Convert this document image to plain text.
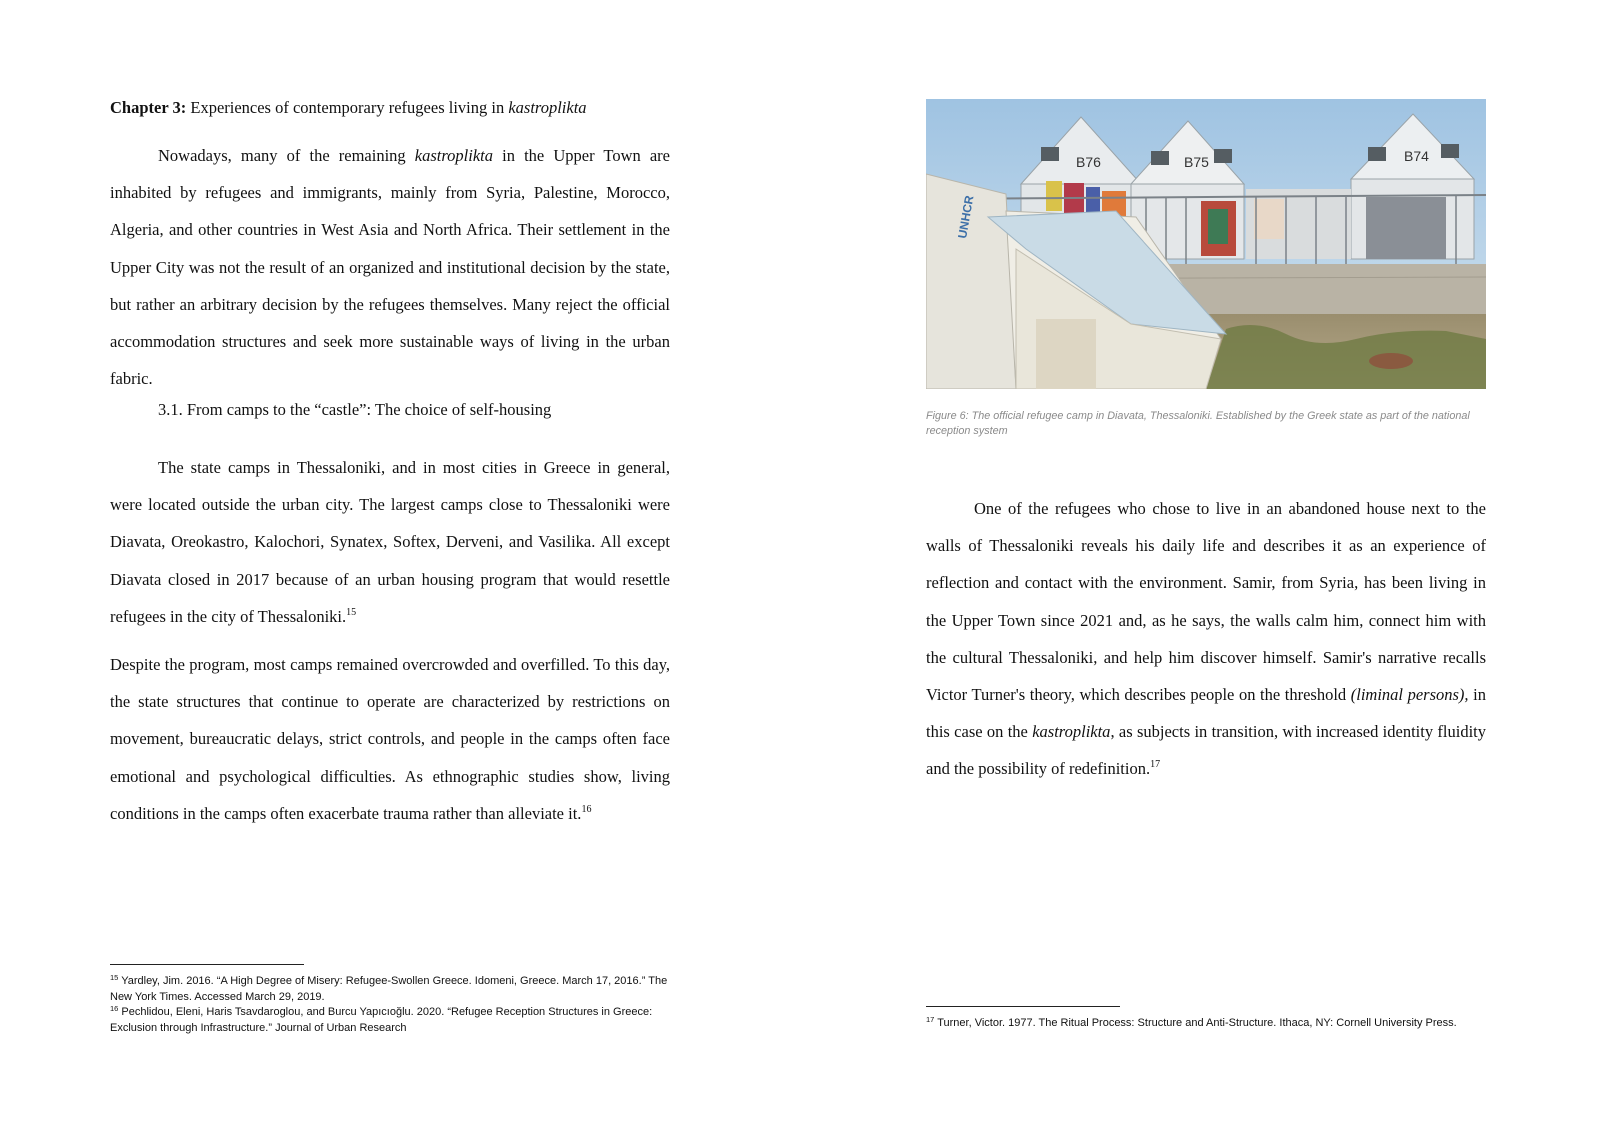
Chapter 3: Experiences of contemporary refugees living in kastroplikta

Nowadays, many of the remaining kastroplikta in the Upper Town are inhabited by refugees and immigrants, mainly from Syria, Palestine, Morocco, Algeria, and other countries in West Asia and North Africa. Their settlement in the Upper City was not the result of an organized and institutional decision by the state, but rather an arbitrary decision by the refugees themselves. Many reject the official accommodation structures and seek more sustainable ways of living in the urban fabric.

3.1. From camps to the “castle”: The choice of self-housing

The state camps in Thessaloniki, and in most cities in Greece in general, were located outside the urban city. The largest camps close to Thessaloniki were Diavata, Oreokastro, Kalochori, Synatex, Softex, Derveni, and Vasilika. All except Diavata closed in 2017 because of an urban housing program that would resettle refugees in the city of Thessaloniki.$^{15}$

Despite the program, most camps remained overcrowded and overfilled. To this day, the state structures that continue to operate are characterized by restrictions on movement, bureaucratic delays, strict controls, and people in the camps often face emotional and psychological difficulties. As ethnographic studies show, living conditions in the camps often exacerbate trauma rather than alleviate it.$^{16}$

$^{15}$ Yardley, Jim. 2016. “A High Degree of Misery: Refugee-Swollen Greece. Idomeni, Greece. March 17, 2016.” The New York Times. Accessed March 29, 2019.

$^{16}$ Pechlidou, Eleni, Haris Tsavdaroglou, and Burcu Yapıcıoğlu. 2020. “Refugee Reception Structures in Greece: Exclusion through Infrastructure.” Journal of Urban Research

B76	B75	B74
UNHCR

Figure 6: The official refugee camp in Diavata, Thessaloniki. Established by the Greek state as part of the national reception system

One of the refugees who chose to live in an abandoned house next to the walls of Thessaloniki reveals his daily life and describes it as an experience of reflection and contact with the environment. Samir, from Syria, has been living in the Upper Town since 2021 and, as he says, the walls calm him, connect him with the cultural Thessaloniki, and help him discover himself. Samir's narrative recalls Victor Turner's theory, which describes people on the threshold (liminal persons), in this case on the kastroplikta, as subjects in transition, with increased identity fluidity and the possibility of redefinition.$^{17}$

$^{17}$ Turner, Victor. 1977. The Ritual Process: Structure and Anti-Structure. Ithaca, NY: Cornell University Press.
